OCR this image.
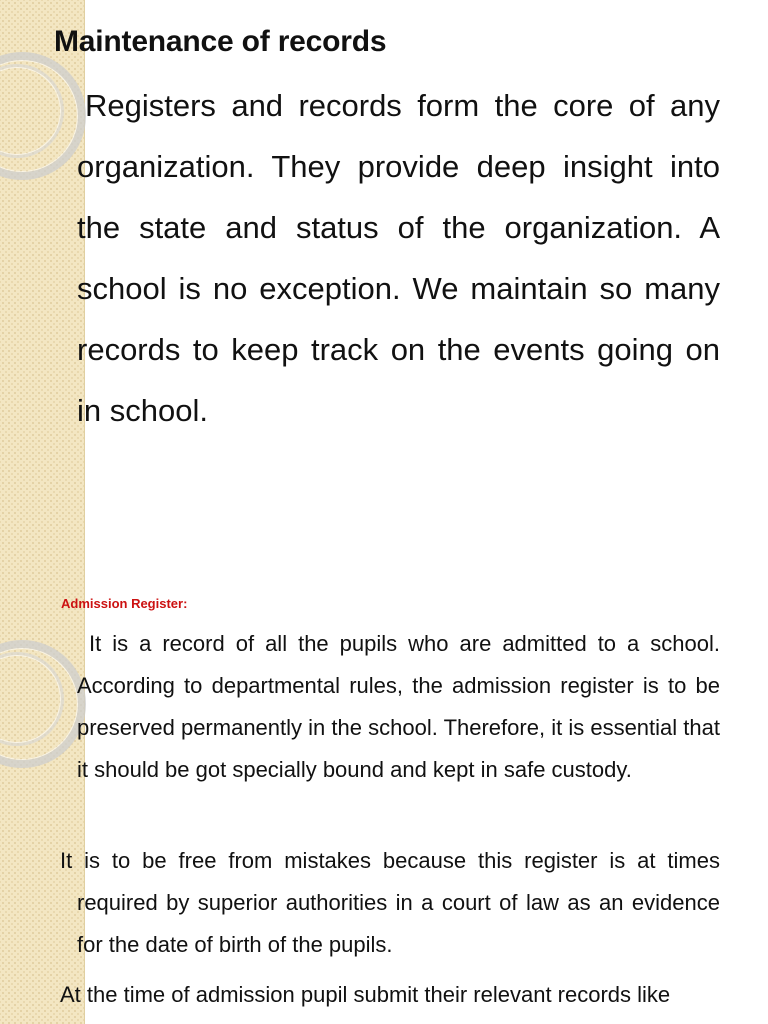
Maintenance of records

Registers and records form the core of any organization. They provide deep insight into the state and status of the organization. A school is no exception. We maintain so many records to keep track on the events going on in school.

Admission Register:

It is a record of all the pupils who are admitted to a school. According to departmental rules, the admission register is to be preserved permanently in the school. Therefore, it is essential that it should be got specially bound and kept in safe custody.

It is to be free from mistakes because this register is at times required by superior authorities in a court of law as an evidence for the date of birth of the pupils.

At the time of admission pupil submit their relevant records like
